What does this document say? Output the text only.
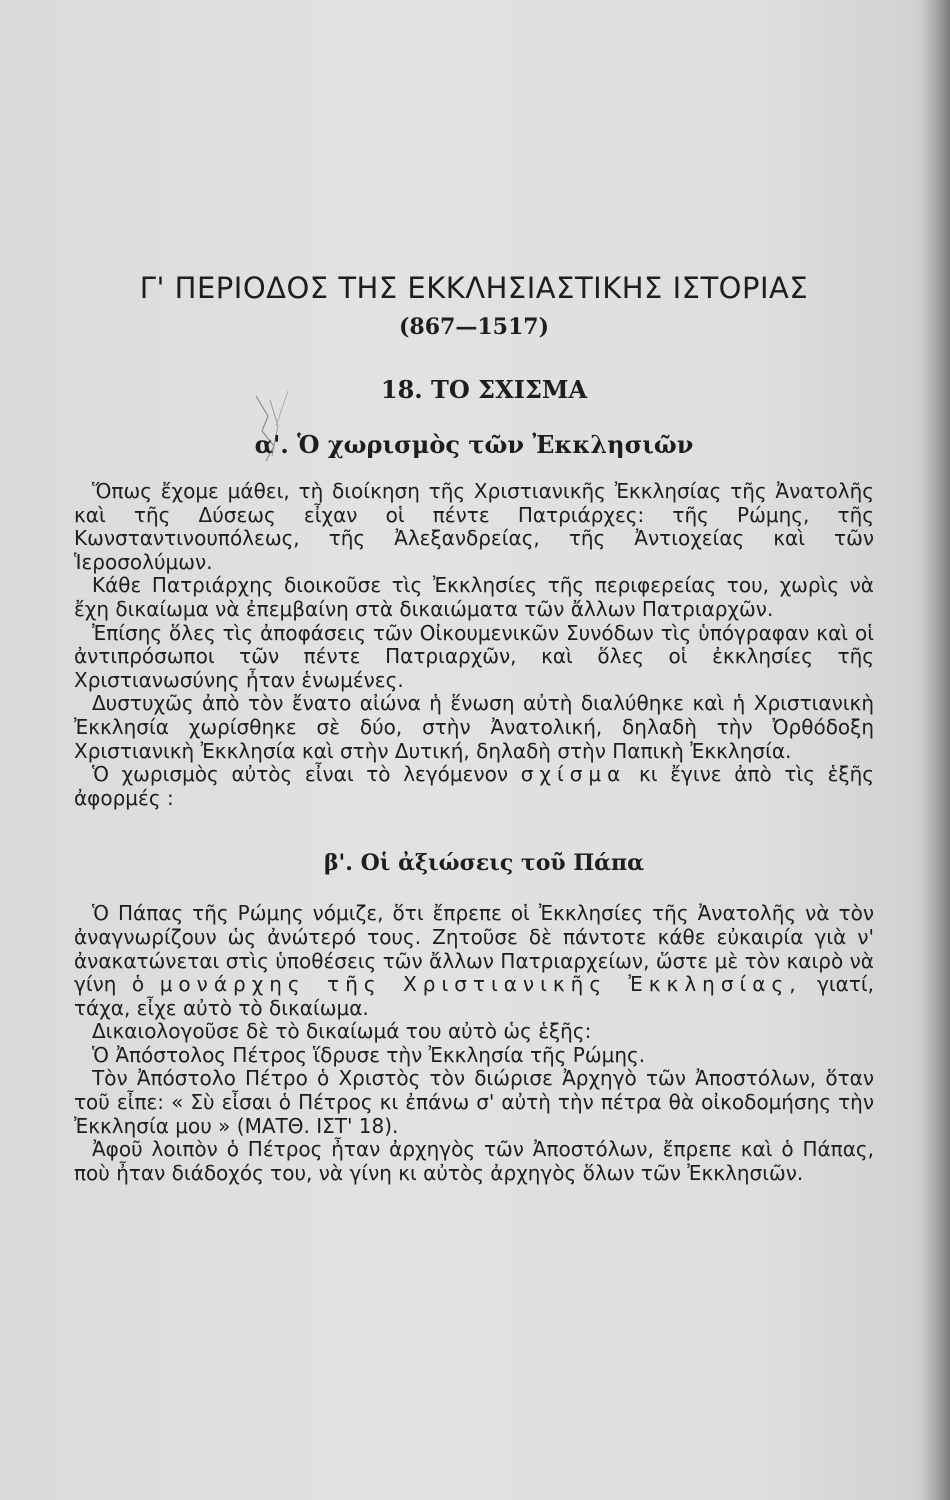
Γ' ΠΕΡΙΟΔΟΣ ΤΗΣ ΕΚΚΛΗΣΙΑΣΤΙΚΗΣ ΙΣΤΟΡΙΑΣ
(867—1517)
18. ΤΟ ΣΧΙΣΜΑ
α'. Ὁ χωρισμὸς τῶν Ἐκκλησιῶν

Ὅπως ἔχομε μάθει, τὴ διοίκηση τῆς Χριστιανικῆς Ἐκκλησίας τῆς Ἀνατολῆς καὶ τῆς Δύσεως εἶχαν οἱ πέντε Πατριάρχες: τῆς Ρώμης, τῆς Κωνσταντινουπόλεως, τῆς Ἀλεξανδρείας, τῆς Ἀντιοχείας καὶ τῶν Ἱεροσολύμων.

Κάθε Πατριάρχης διοικοῦσε τὶς Ἐκκλησίες τῆς περιφερείας του, χωρὶς νὰ ἔχη δικαίωμα νὰ ἐπεμβαίνη στὰ δικαιώματα τῶν ἄλλων Πατριαρχῶν.

Ἐπίσης ὅλες τὶς ἀποφάσεις τῶν Οἰκουμενικῶν Συνόδων τὶς ὑπόγραφαν καὶ οἱ ἀντιπρόσωποι τῶν πέντε Πατριαρχῶν, καὶ ὅλες οἱ ἐκκλησίες τῆς Χριστιανωσύνης ἦταν ἑνωμένες.

Δυστυχῶς ἀπὸ τὸν ἔνατο αἰώνα ἡ ἕνωση αὐτὴ διαλύθηκε καὶ ἡ Χριστιανικὴ Ἐκκλησία χωρίσθηκε σὲ δύο, στὴν Ἀνατολική, δηλαδὴ τὴν Ὀρθόδοξη Χριστιανικὴ Ἐκκλησία καὶ στὴν Δυτική, δηλαδὴ στὴν Παπικὴ Ἐκκλησία.

Ὁ χωρισμὸς αὐτὸς εἶναι τὸ λεγόμενον σχίσμα κι ἔγινε ἀπὸ τὶς ἑξῆς ἀφορμές :

β'. Οἱ ἀξιώσεις τοῦ Πάπα

Ὁ Πάπας τῆς Ρώμης νόμιζε, ὅτι ἔπρεπε οἱ Ἐκκλησίες τῆς Ἀνατολῆς νὰ τὸν ἀναγνωρίζουν ὡς ἀνώτερό τους. Ζητοῦσε δὲ πάντοτε κάθε εὐκαιρία γιὰ ν' ἀνακατώνεται στὶς ὑποθέσεις τῶν ἄλλων Πατριαρχείων, ὥστε μὲ τὸν καιρὸ νὰ γίνη ὁ μονάρχης τῆς Χριστιανικῆς Ἐκκλησίας, γιατί, τάχα, εἶχε αὐτὸ τὸ δικαίωμα.

Δικαιολογοῦσε δὲ τὸ δικαίωμά του αὐτὸ ὡς ἑξῆς:

Ὁ Ἀπόστολος Πέτρος ἵδρυσε τὴν Ἐκκλησία τῆς Ρώμης.

Τὸν Ἀπόστολο Πέτρο ὁ Χριστὸς τὸν διώρισε Ἀρχηγὸ τῶν Ἀποστόλων, ὅταν τοῦ εἶπε: « Σὺ εἶσαι ὁ Πέτρος κι ἐπάνω σ' αὐτὴ τὴν πέτρα θὰ οἰκοδομήσης τὴν Ἐκκλησία μου » (ΜΑΤΘ. ΙΣΤ' 18).

Ἀφοῦ λοιπὸν ὁ Πέτρος ἦταν ἀρχηγὸς τῶν Ἀποστόλων, ἔπρεπε καὶ ὁ Πάπας, ποὺ ἦταν διάδοχός του, νὰ γίνη κι αὐτὸς ἀρχηγὸς ὅλων τῶν Ἐκκλησιῶν.
